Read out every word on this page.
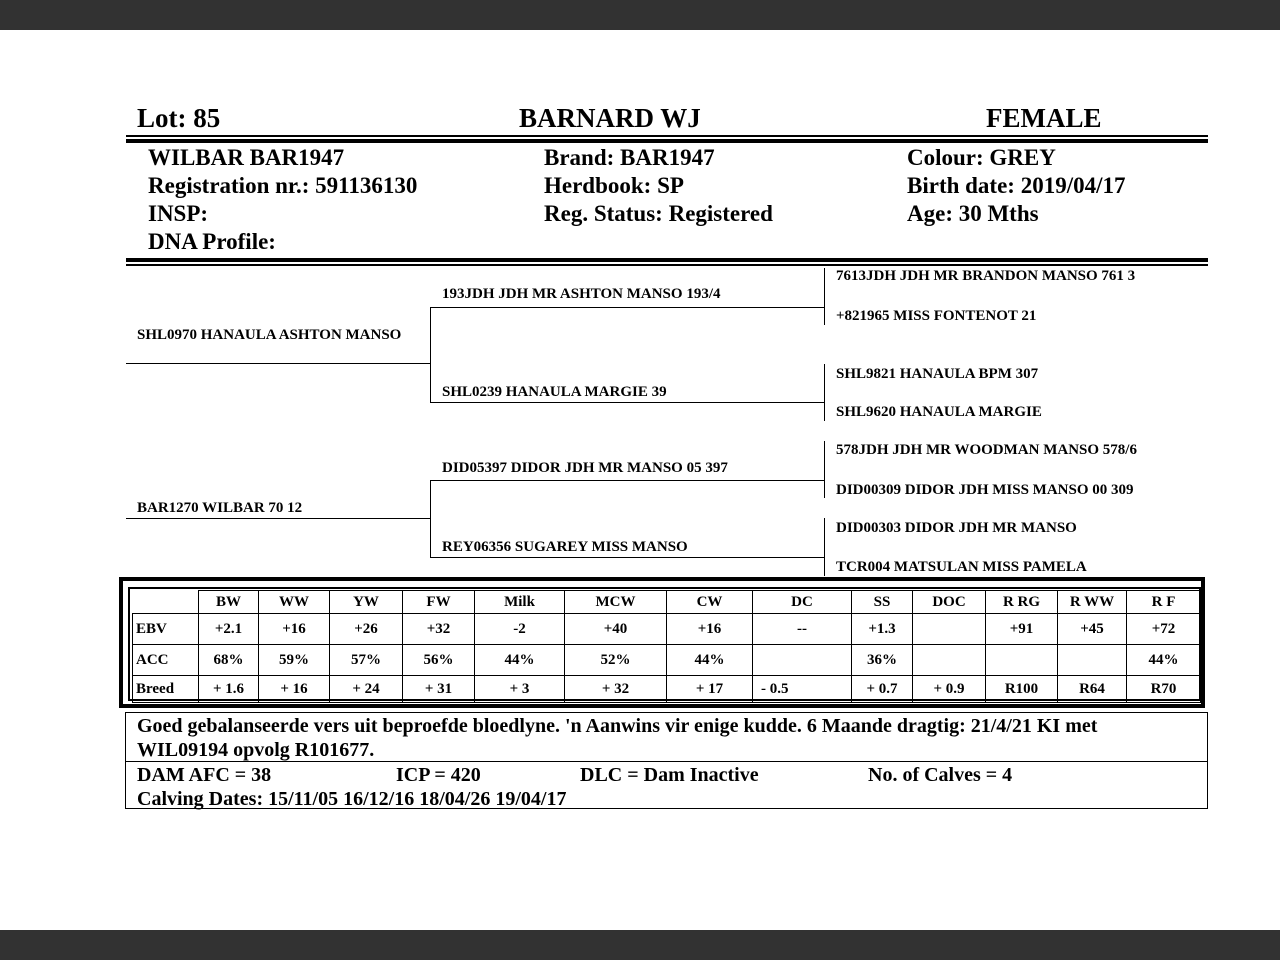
Lot: 85	BARNARD WJ	FEMALE
WILBAR BAR1947
Registration nr.: 591136130
INSP:
DNA Profile:
Brand: BAR1947
Herdbook: SP
Reg. Status: Registered
Colour: GREY
Birth date: 2019/04/17
Age: 30 Mths
SHL0970 HANAULA ASHTON MANSO
BAR1270 WILBAR 70 12
193JDH JDH MR ASHTON MANSO 193/4
SHL0239 HANAULA MARGIE 39
DID05397 DIDOR JDH MR MANSO 05 397
REY06356 SUGAREY MISS MANSO
7613JDH JDH MR BRANDON MANSO 761 3
+821965 MISS FONTENOT 21
SHL9821 HANAULA BPM 307
SHL9620 HANAULA MARGIE
578JDH JDH MR WOODMAN MANSO 578/6
DID00309 DIDOR JDH MISS MANSO 00 309
DID00303 DIDOR JDH MR MANSO
TCR004 MATSULAN MISS PAMELA
	BW	WW	YW	FW	Milk	MCW	CW	DC	SS	DOC	R RG	R WW	R F
EBV	+2.1	+16	+26	+32	-2	+40	+16	--	+1.3		+91	+45	+72
ACC	68%	59%	57%	56%	44%	52%	44%		36%				44%
Breed	+ 1.6	+ 16	+ 24	+ 31	+ 3	+ 32	+ 17	- 0.5	+ 0.7	+ 0.9	R100	R64	R70
Goed gebalanseerde vers uit beproefde bloedlyne. 'n Aanwins vir enige kudde. 6 Maande dragtig: 21/4/21 KI met
WIL09194 opvolg R101677.
DAM AFC = 38	ICP = 420	DLC = Dam Inactive	No. of Calves = 4
Calving Dates: 15/11/05 16/12/16 18/04/26 19/04/17
